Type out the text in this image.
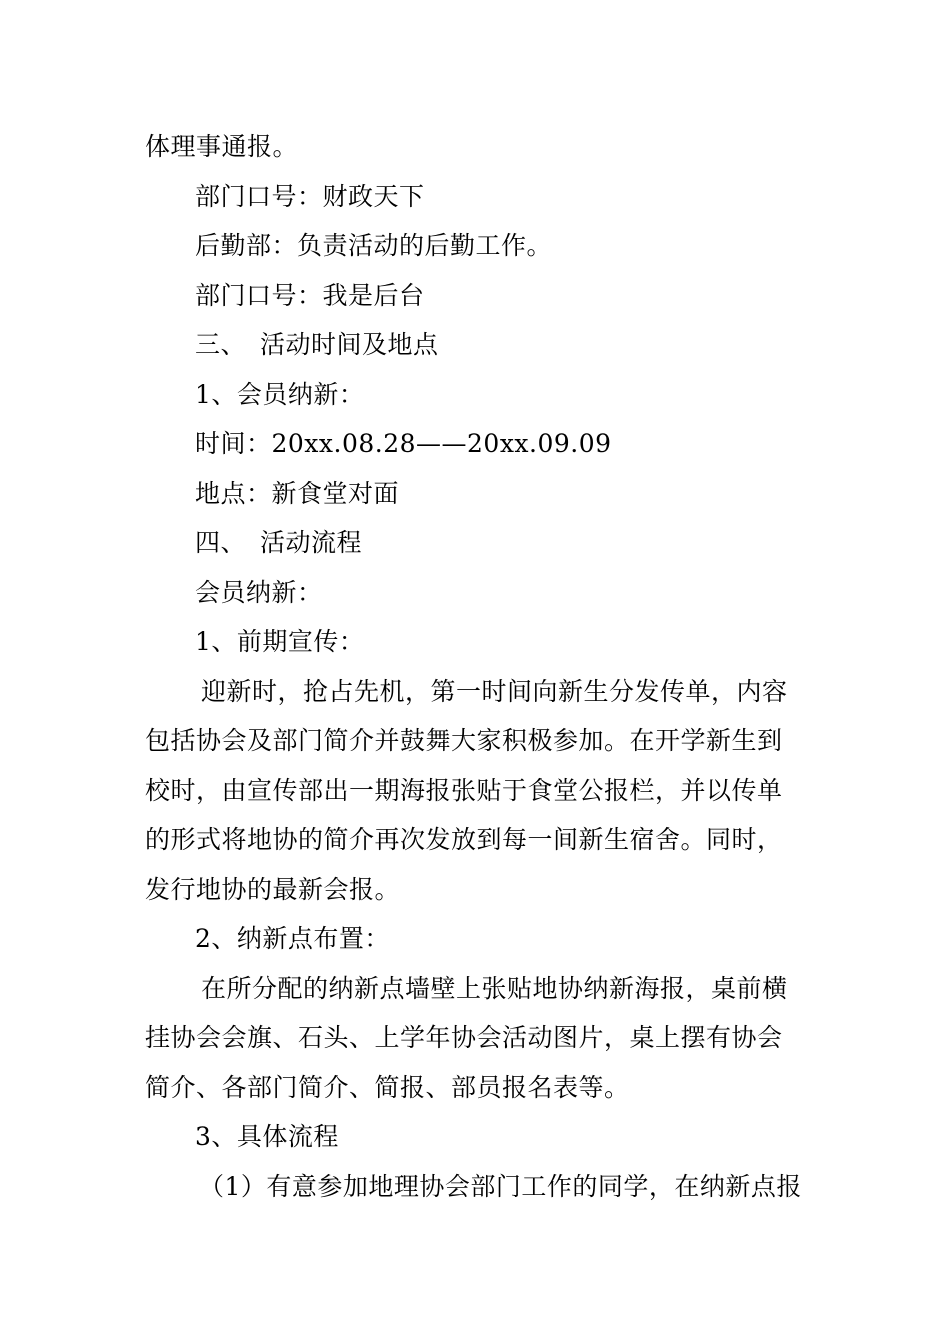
体理事通报。
部门口号：财政天下
后勤部：负责活动的后勤工作。
部门口号：我是后台
三、 活动时间及地点
1、会员纳新：
时间：20xx.08.28——20xx.09.09
地点：新食堂对面
四、 活动流程
会员纳新：
1、前期宣传：
迎新时，抢占先机，第一时间向新生分发传单，内容
包括协会及部门简介并鼓舞大家积极参加。在开学新生到
校时，由宣传部出一期海报张贴于食堂公报栏，并以传单
的形式将地协的简介再次发放到每一间新生宿舍。同时，
发行地协的最新会报。
2、纳新点布置：
在所分配的纳新点墙壁上张贴地协纳新海报，桌前横
挂协会会旗、石头、上学年协会活动图片，桌上摆有协会
简介、各部门简介、简报、部员报名表等。
3、具体流程
（1）有意参加地理协会部门工作的同学，在纳新点报
